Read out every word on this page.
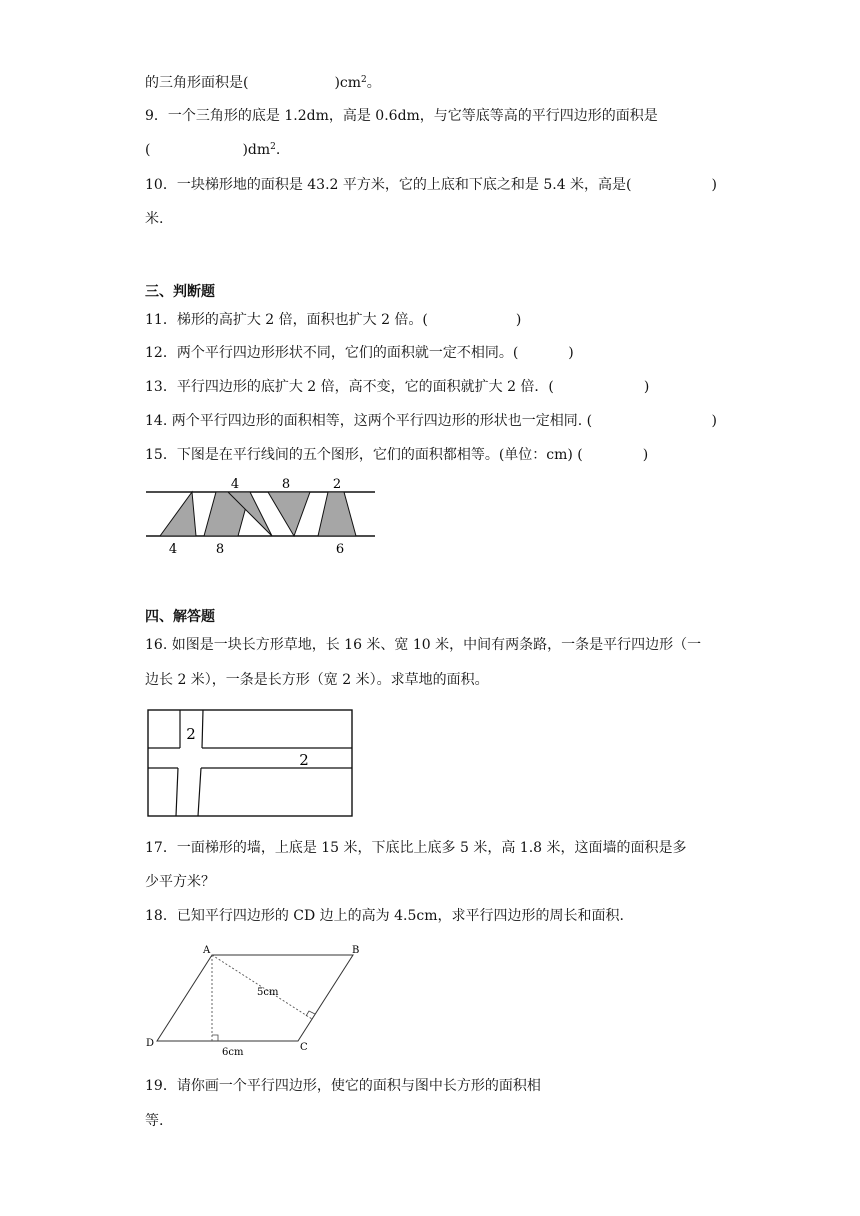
的三角形面积是(	)$cm^2$。
9．一个三角形的底是 1.2dm，高是 0.6dm，与它等底等高的平行四边形的面积是
(	)$dm^2$.
10．一块梯形地的面积是 43.2 平方米，它的上底和下底之和是 5.4 米，高是(	)
米.
三、判断题
11．梯形的高扩大 2 倍，面积也扩大 2 倍。(	)
12．两个平行四边形形状不同，它们的面积就一定不相同。(	)
13．平行四边形的底扩大 2 倍，高不变，它的面积就扩大 2 倍．(	)
14. 两个平行四边形的面积相等，这两个平行四边形的形状也一定相同. (	)
15．下图是在平行线间的五个图形，它们的面积都相等。(单位：cm) (	)
4	8	2
4	8	6
四、解答题
16. 如图是一块长方形草地，长 16 米、宽 10 米，中间有两条路，一条是平行四边形（一
边长 2 米），一条是长方形（宽 2 米）。求草地的面积。
2
2
17．一面梯形的墙，上底是 15 米，下底比上底多 5 米，高 1.8 米，这面墙的面积是多
少平方米？
18．已知平行四边形的 CD 边上的高为 4.5cm，求平行四边形的周长和面积.
A	B
C
D
5cm
6cm
19．请你画一个平行四边形，使它的面积与图中长方形的面积相
等.
